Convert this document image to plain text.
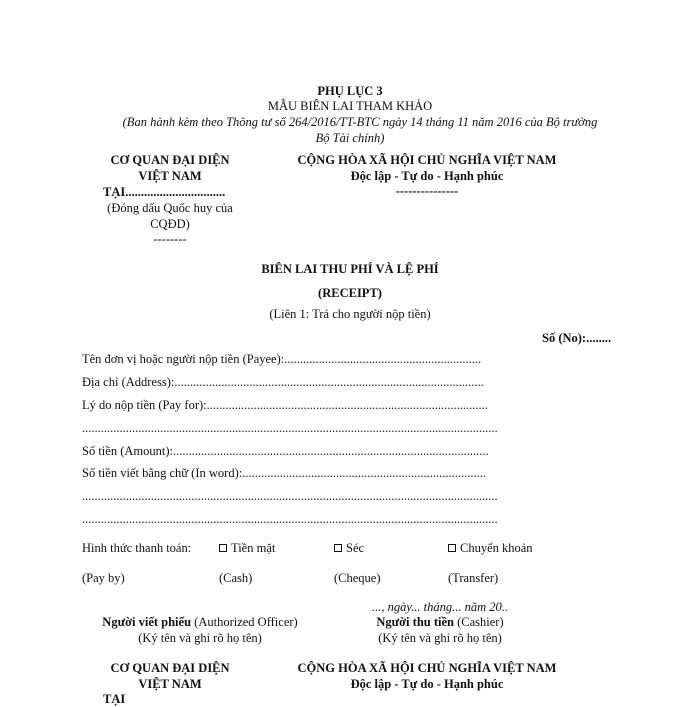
PHỤ LỤC 3
MẪU BIÊN LAI THAM KHẢO
(Ban hành kèm theo Thông tư số 264/2016/TT-BTC ngày 14 tháng 11 năm 2016 của Bộ trưởng
Bộ Tài chính)
CƠ QUAN ĐẠI DIỆN
VIỆT NAM
TẠI................................
(Đóng dấu Quốc huy của
CQĐD)
--------
CỘNG HÒA XÃ HỘI CHỦ NGHĨA VIỆT NAM
Độc lập - Tự do - Hạnh phúc
---------------
BIÊN LAI THU PHÍ VÀ LỆ PHÍ
(RECEIPT)
(Liên 1: Trả cho người nộp tiền)
Số (No):........
Tên đơn vị hoặc người nộp tiền (Payee):...............................................................
Địa chỉ (Address):...................................................................................................
Lý do nộp tiền (Pay for):..........................................................................................
.....................................................................................................................................
Số tiền (Amount):.....................................................................................................
Số tiền viết bằng chữ (In word):..............................................................................
.....................................................................................................................................
.....................................................................................................................................
Hình thức thanh toán:	Tiền mặt	Séc	Chuyển khoản
(Pay by)	(Cash)	(Cheque)	(Transfer)
..., ngày... tháng... năm 20..
Người viết phiếu (Authorized Officer)
(Ký tên và ghi rõ họ tên)
Người thu tiền (Cashier)
(Ký tên và ghi rõ họ tên)
CƠ QUAN ĐẠI DIỆN
VIỆT NAM
TẠI
CỘNG HÒA XÃ HỘI CHỦ NGHĨA VIỆT NAM
Độc lập - Tự do - Hạnh phúc
